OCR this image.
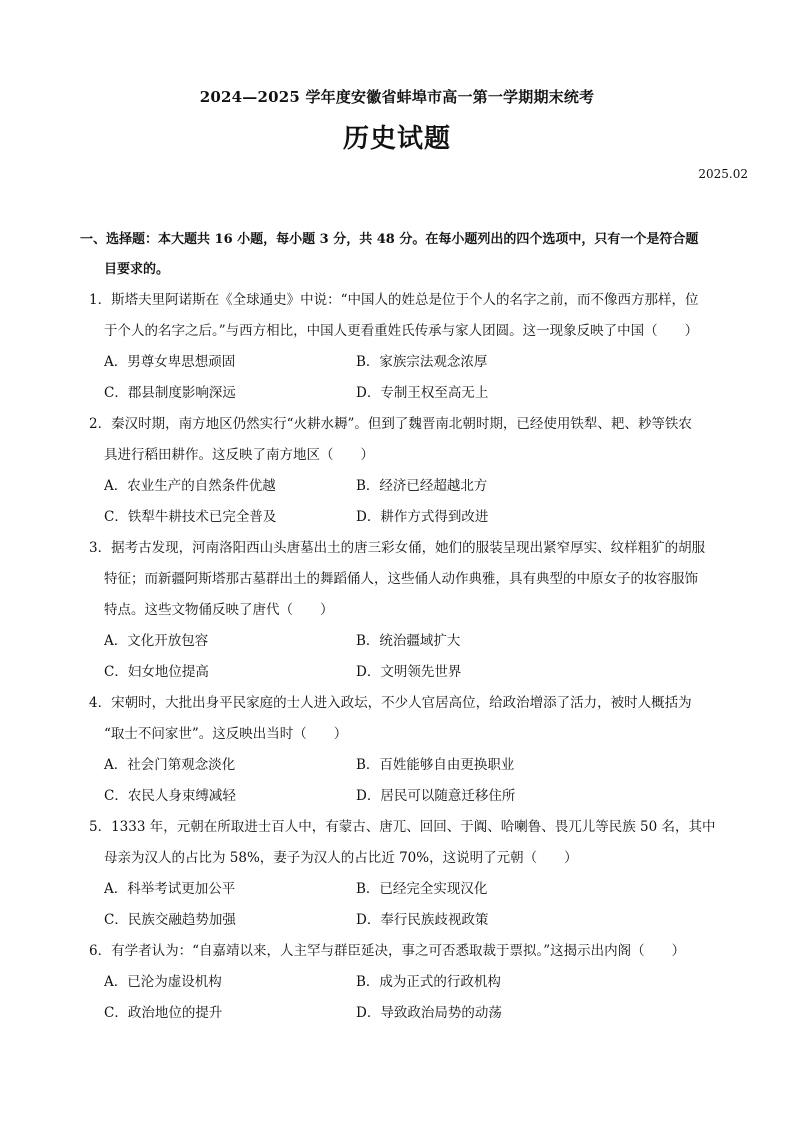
2024—2025 学年度安徽省蚌埠市高一第一学期期末统考
历史试题
2025.02
一、选择题：本大题共 16 小题，每小题 3 分，共 48 分。在每小题列出的四个选项中，只有一个是符合题
目要求的。
1．斯塔夫里阿诺斯在《全球通史》中说：“中国人的姓总是位于个人的名字之前，而不像西方那样，位
于个人的名字之后。”与西方相比，中国人更看重姓氏传承与家人团圆。这一现象反映了中国（　　）
A．男尊女卑思想顽固	B．家族宗法观念浓厚
C．郡县制度影响深远	D．专制王权至高无上
2．秦汉时期，南方地区仍然实行“火耕水耨”。但到了魏晋南北朝时期，已经使用铁犁、耙、耖等铁农
具进行稻田耕作。这反映了南方地区（　　）
A．农业生产的自然条件优越	B．经济已经超越北方
C．铁犁牛耕技术已完全普及	D．耕作方式得到改进
3．据考古发现，河南洛阳西山头唐墓出土的唐三彩女俑，她们的服装呈现出紧窄厚实、纹样粗犷的胡服
特征；而新疆阿斯塔那古墓群出土的舞蹈俑人，这些俑人动作典雅，具有典型的中原女子的妆容服饰
特点。这些文物俑反映了唐代（　　）
A．文化开放包容	B．统治疆域扩大
C．妇女地位提高	D．文明领先世界
4．宋朝时，大批出身平民家庭的士人进入政坛，不少人官居高位，给政治增添了活力，被时人概括为
“取士不问家世”。这反映出当时（　　）
A．社会门第观念淡化	B．百姓能够自由更换职业
C．农民人身束缚减轻	D．居民可以随意迁移住所
5．1333 年，元朝在所取进士百人中，有蒙古、唐兀、回回、于阗、哈喇鲁、畏兀儿等民族 50 名，其中
母亲为汉人的占比为 58%，妻子为汉人的占比近 70%，这说明了元朝（　　）
A．科举考试更加公平	B．已经完全实现汉化
C．民族交融趋势加强	D．奉行民族歧视政策
6．有学者认为：“自嘉靖以来，人主罕与群臣延决，事之可否悉取裁于票拟。”这揭示出内阁（　　）
A．已沦为虚设机构	B．成为正式的行政机构
C．政治地位的提升	D．导致政治局势的动荡
